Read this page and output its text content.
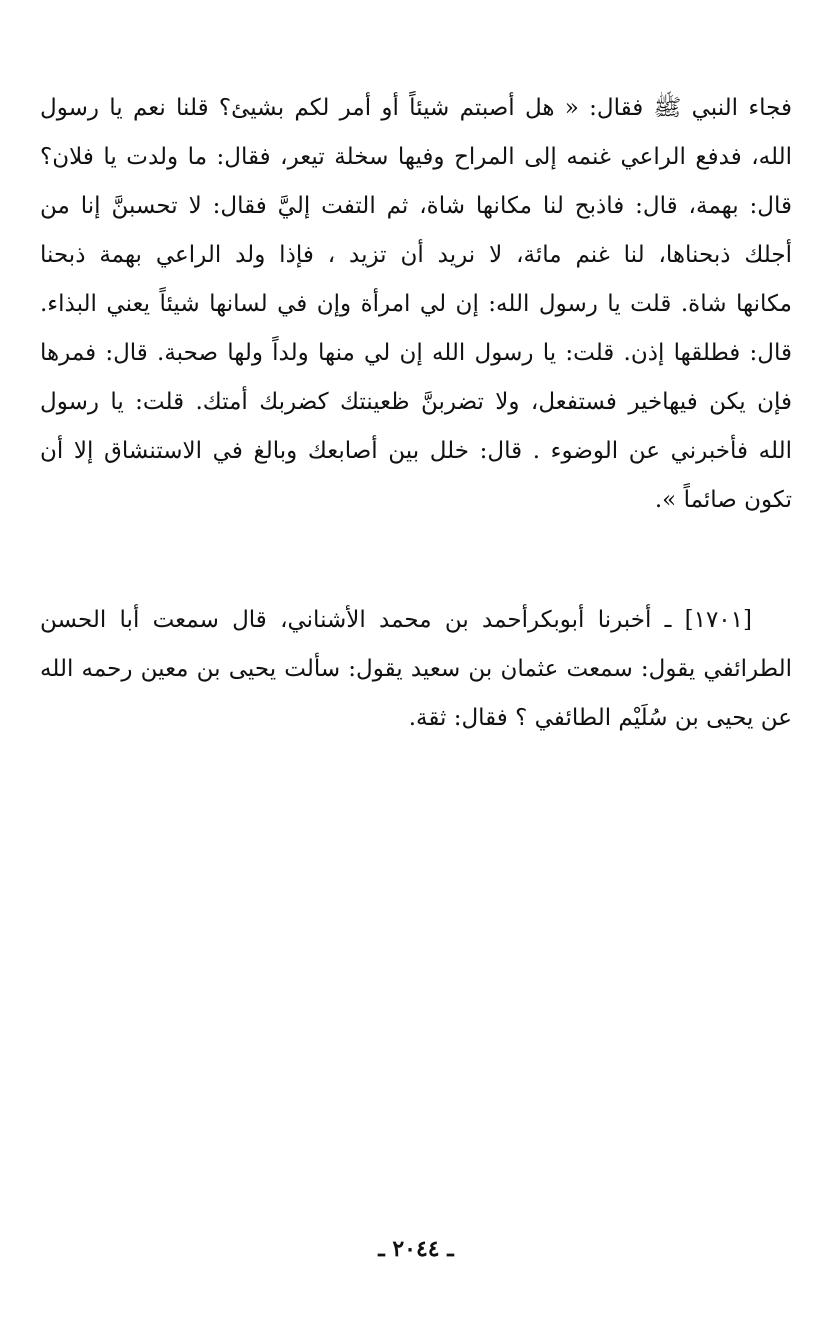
فجاء النبي ﷺ فقال: « هل أصبتم شيئاً أو أمر لكم بشيئ؟ قلنا نعم يا رسول
الله، فدفع الراعي غنمه إلى المراح وفيها سخلة تيعر، فقال: ما ولدت يا فلان؟
قال: بهمة، قال: فاذبح لنا مكانها شاة، ثم التفت إليَّ فقال: لا تحسبنَّ إنا من
أجلك ذبحناها، لنا غنم مائة، لا نريد أن تزيد ، فإذا ولد الراعي بهمة ذبحنا
مكانها شاة. قلت يا رسول الله: إن لي امرأة وإن في لسانها شيئاً يعني البذاء.
قال: فطلقها إذن. قلت: يا رسول الله إن لي منها ولداً ولها صحبة. قال: فمرها
فإن يكن فيهاخير فستفعل، ولا تضربنَّ ظعينتك كضربك أمتك. قلت: يا رسول
الله فأخبرني عن الوضوء . قال: خلل بين أصابعك وبالغ في الاستنشاق إلا أن
تكون صائماً ».
[١٧٠١] ـ أخبرنا أبوبكرأحمد بن محمد الأشناني، قال سمعت أبا الحسن
الطرائفي يقول: سمعت عثمان بن سعيد يقول: سألت يحيى بن معين رحمه الله
عن يحيى بن سُلَيْم الطائفي ؟ فقال: ثقة.
ـ ٢٠٤٤ ـ
